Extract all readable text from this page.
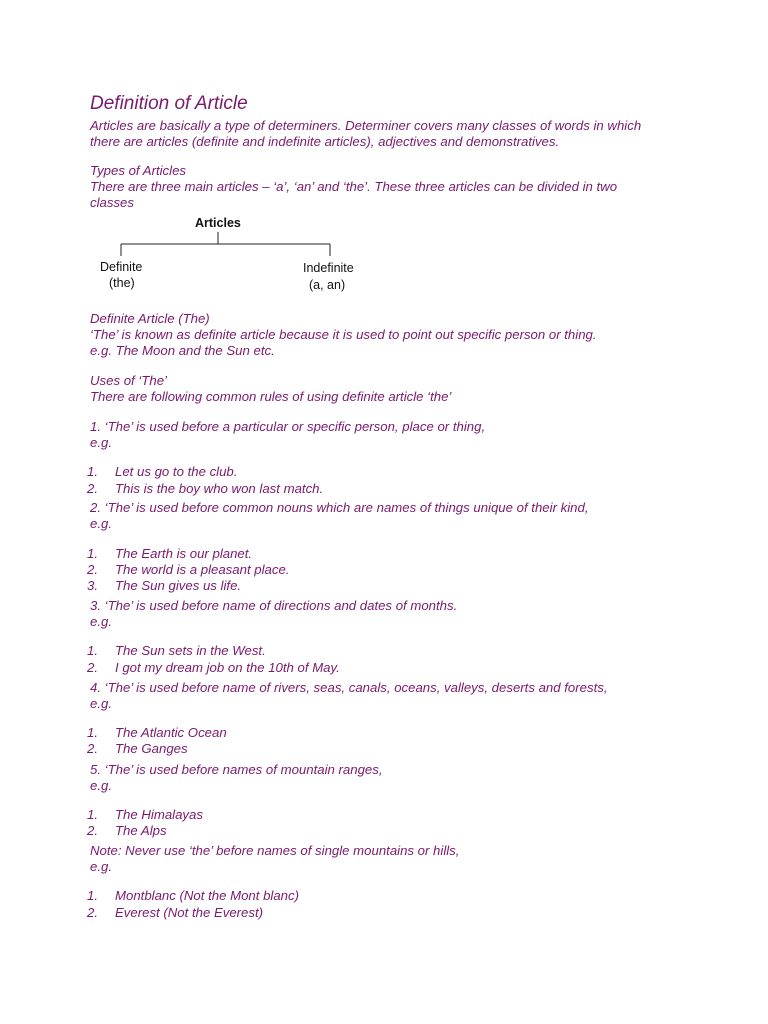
Definition of Article

Articles are basically a type of determiners. Determiner covers many classes of words in which

there are articles (definite and indefinite articles), adjectives and demonstratives.

Types of Articles

There are three main articles – ‘a’, ‘an’ and ‘the’. These three articles can be divided in two

classes

Articles
Definite
(the)
Indefinite
(a, an)

Definite Article (The)

‘The’ is known as definite article because it is used to point out specific person or thing.

e.g. The Moon and the Sun etc.

Uses of ‘The’

There are following common rules of using definite article ‘the’

1. ‘The’ is used before a particular or specific person, place or thing,

e.g.

1. Let us go to the club.
2. This is the boy who won last match.

2. ‘The’ is used before common nouns which are names of things unique of their kind,

e.g.

1. The Earth is our planet.
2. The world is a pleasant place.
3. The Sun gives us life.

3. ‘The’ is used before name of directions and dates of months.

e.g.

1. The Sun sets in the West.
2. I got my dream job on the 10th of May.

4. ‘The’ is used before name of rivers, seas, canals, oceans, valleys, deserts and forests,

e.g.

1. The Atlantic Ocean
2. The Ganges

5. ‘The’ is used before names of mountain ranges,

e.g.

1. The Himalayas
2. The Alps

Note: Never use ‘the’ before names of single mountains or hills,

e.g.

1. Montblanc (Not the Mont blanc)
2. Everest (Not the Everest)
